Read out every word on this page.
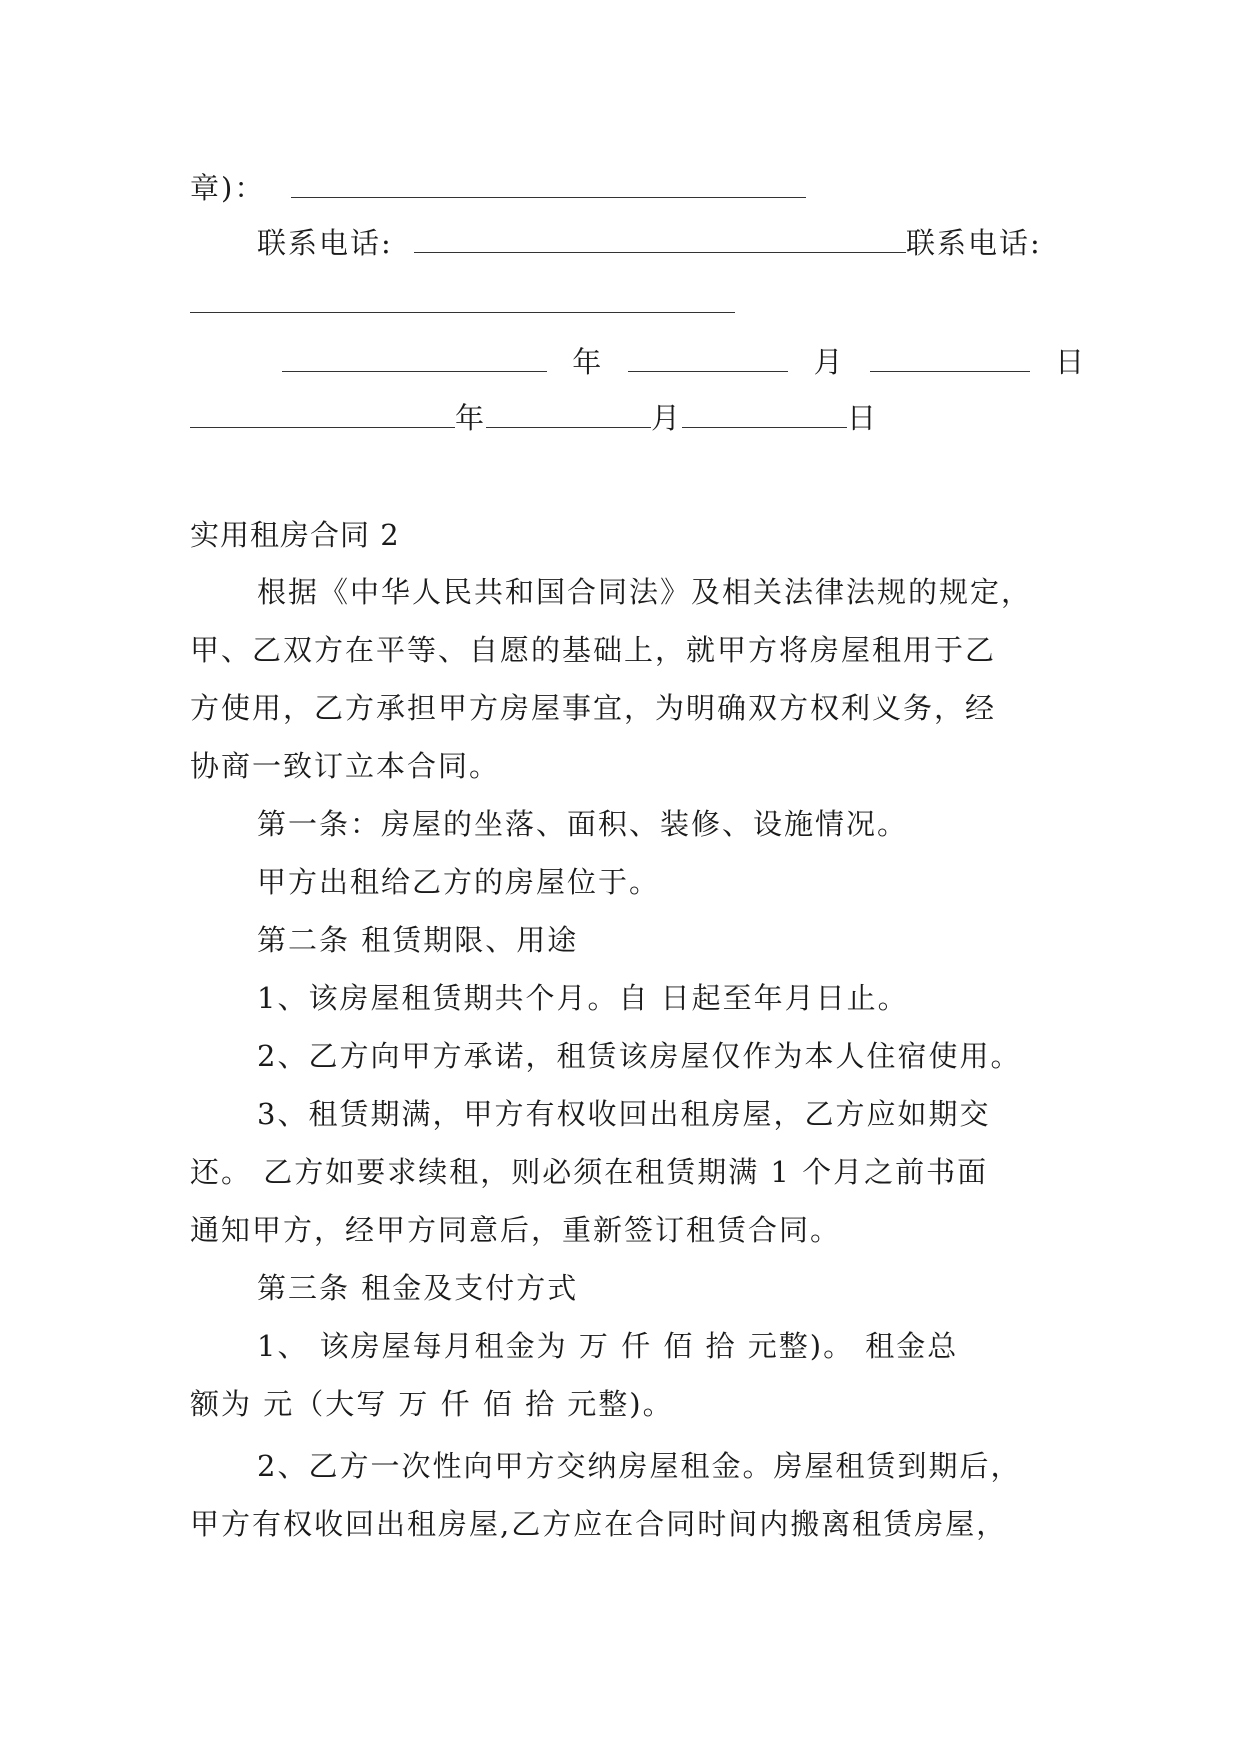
章)：
联系电话:	联系电话:
年	月	日
年	月	日
实用租房合同 2
根据《中华人民共和国合同法》及相关法律法规的规定，
甲、乙双方在平等、自愿的基础上，就甲方将房屋租用于乙
方使用，乙方承担甲方房屋事宜，为明确双方权利义务，经
协商一致订立本合同。
第一条：房屋的坐落、面积、装修、设施情况。
甲方出租给乙方的房屋位于。
第二条 租赁期限、用途
1、该房屋租赁期共个月。自 日起至年月日止。
2、乙方向甲方承诺，租赁该房屋仅作为本人住宿使用。
3、租赁期满，甲方有权收回出租房屋，乙方应如期交
还。 乙方如要求续租，则必须在租赁期满 1 个月之前书面
通知甲方，经甲方同意后，重新签订租赁合同。
第三条 租金及支付方式
1、 该房屋每月租金为 万 仟 佰 拾 元整)。 租金总
额为 元（大写 万 仟 佰 拾 元整)。
2、乙方一次性向甲方交纳房屋租金。房屋租赁到期后，
甲方有权收回出租房屋,乙方应在合同时间内搬离租赁房屋，
